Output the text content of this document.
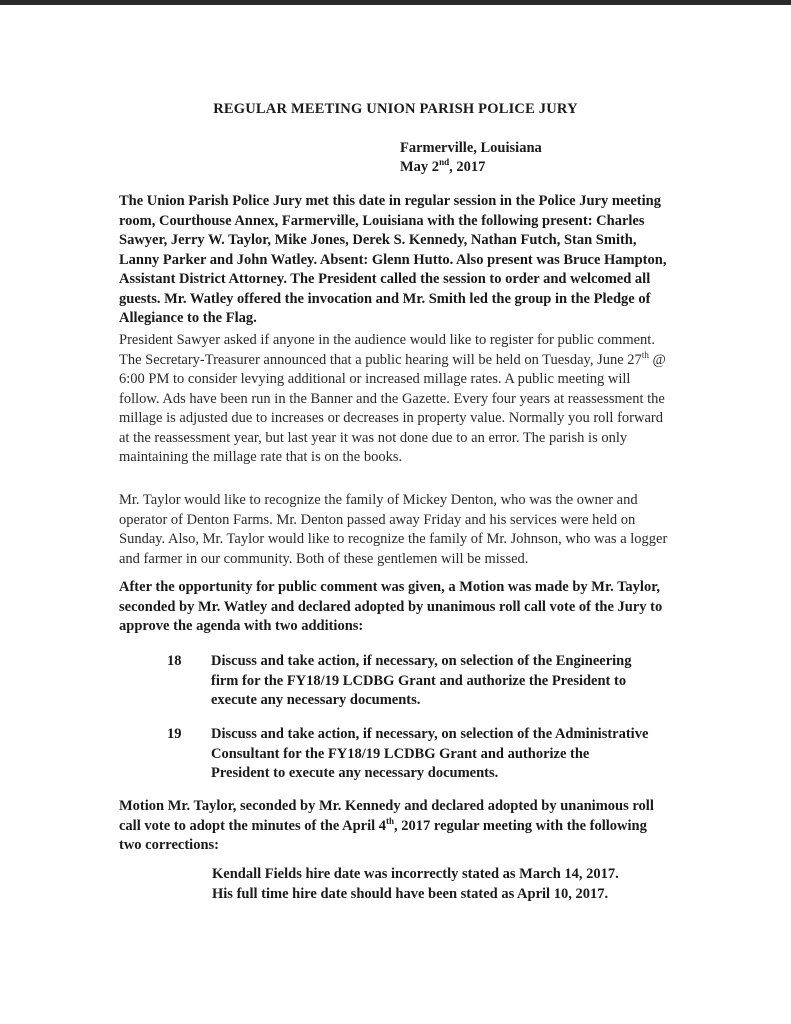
REGULAR MEETING UNION PARISH POLICE JURY
Farmerville, Louisiana
May 2nd, 2017

The Union Parish Police Jury met this date in regular session in the Police Jury meeting room, Courthouse Annex, Farmerville, Louisiana with the following present: Charles Sawyer, Jerry W. Taylor, Mike Jones, Derek S. Kennedy, Nathan Futch, Stan Smith, Lanny Parker and John Watley. Absent: Glenn Hutto. Also present was Bruce Hampton, Assistant District Attorney. The President called the session to order and welcomed all guests. Mr. Watley offered the invocation and Mr. Smith led the group in the Pledge of Allegiance to the Flag.

President Sawyer asked if anyone in the audience would like to register for public comment. The Secretary-Treasurer announced that a public hearing will be held on Tuesday, June 27th @ 6:00 PM to consider levying additional or increased millage rates. A public meeting will follow. Ads have been run in the Banner and the Gazette. Every four years at reassessment the millage is adjusted due to increases or decreases in property value. Normally you roll forward at the reassessment year, but last year it was not done due to an error. The parish is only maintaining the millage rate that is on the books.

Mr. Taylor would like to recognize the family of Mickey Denton, who was the owner and operator of Denton Farms. Mr. Denton passed away Friday and his services were held on Sunday. Also, Mr. Taylor would like to recognize the family of Mr. Johnson, who was a logger and farmer in our community. Both of these gentlemen will be missed.

After the opportunity for public comment was given, a Motion was made by Mr. Taylor, seconded by Mr. Watley and declared adopted by unanimous roll call vote of the Jury to approve the agenda with two additions:

18 Discuss and take action, if necessary, on selection of the Engineering firm for the FY18/19 LCDBG Grant and authorize the President to execute any necessary documents.
19 Discuss and take action, if necessary, on selection of the Administrative Consultant for the FY18/19 LCDBG Grant and authorize the President to execute any necessary documents.

Motion Mr. Taylor, seconded by Mr. Kennedy and declared adopted by unanimous roll call vote to adopt the minutes of the April 4th, 2017 regular meeting with the following two corrections:

Kendall Fields hire date was incorrectly stated as March 14, 2017.
His full time hire date should have been stated as April 10, 2017.
